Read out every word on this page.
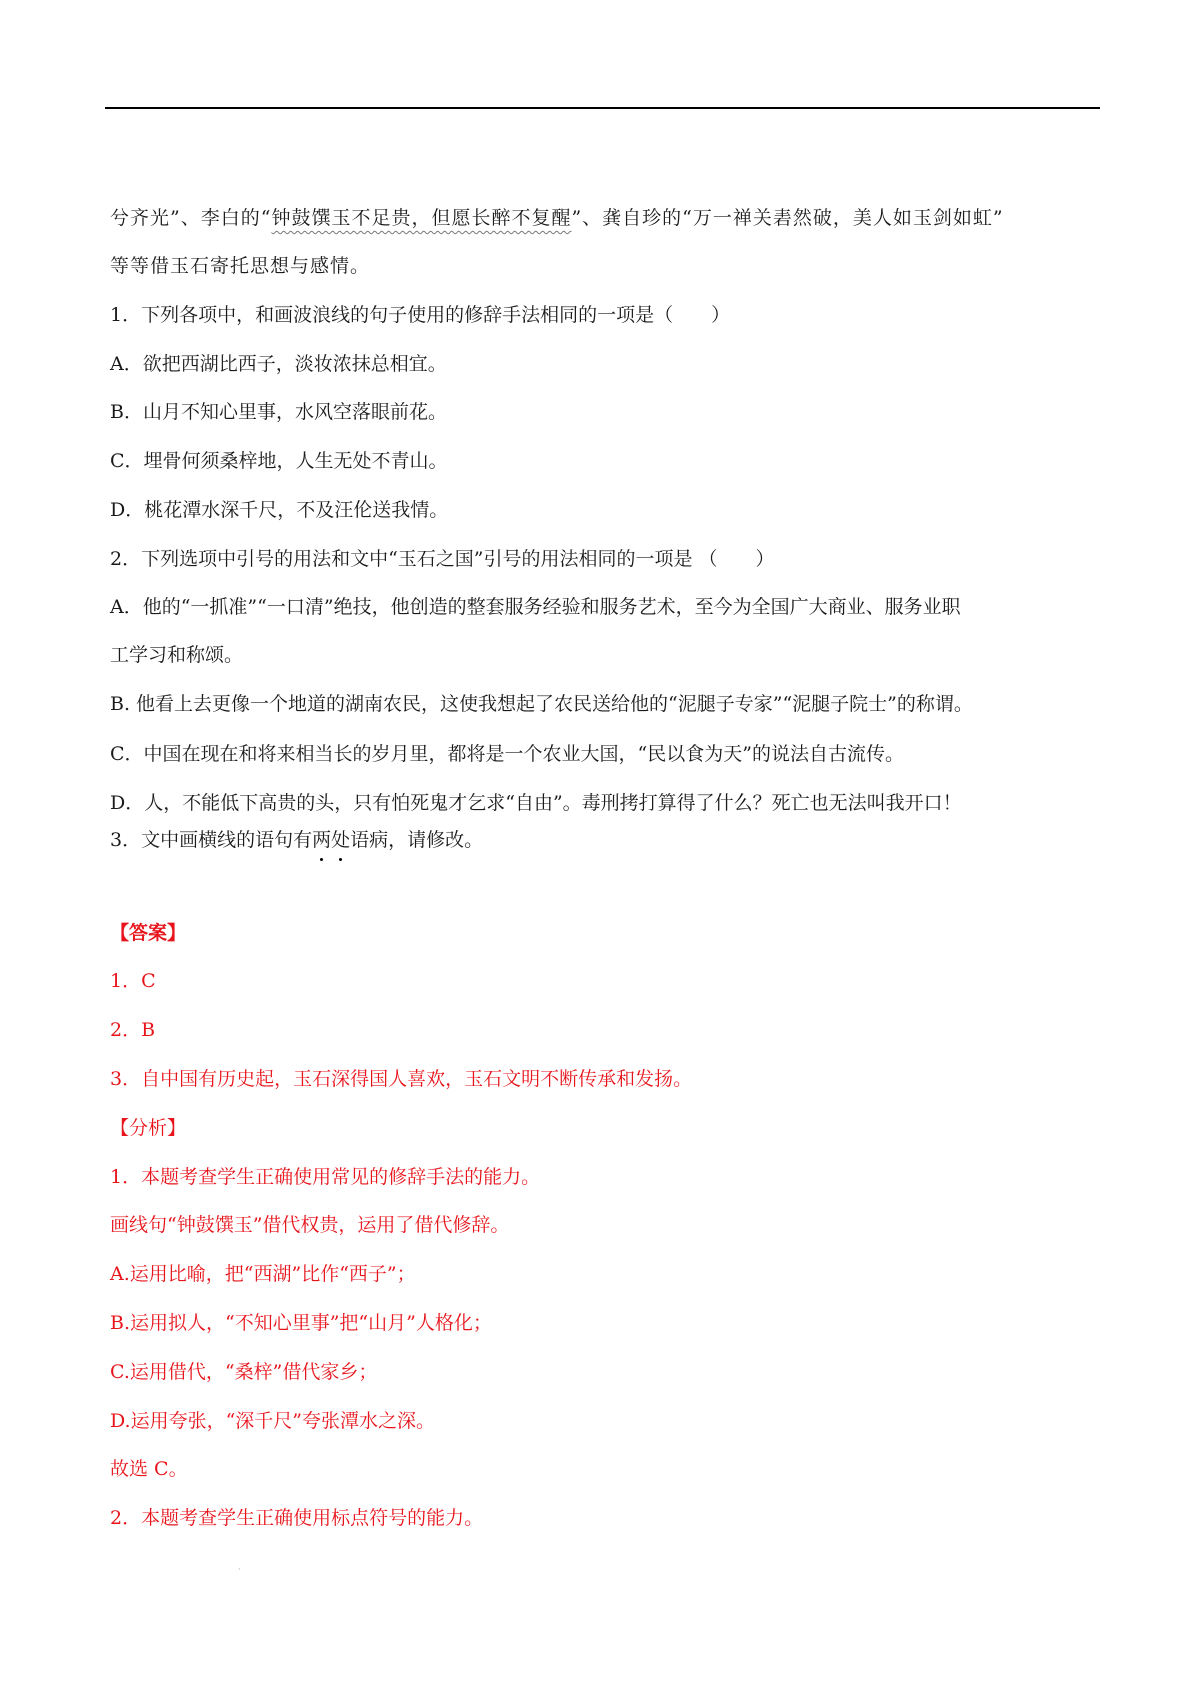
兮齐光”、李白的“钟鼓馔玉不足贵，但愿长醉不复醒”、龚自珍的“万一禅关砉然破，美人如玉剑如虹”
等等借玉石寄托思想与感情。
1．下列各项中，和画波浪线的句子使用的修辞手法相同的一项是（　　）
A．欲把西湖比西子，淡妆浓抹总相宜。
B．山月不知心里事，水风空落眼前花。
C．埋骨何须桑梓地，人生无处不青山。
D．桃花潭水深千尺，不及汪伦送我情。
2．下列选项中引号的用法和文中“玉石之国”引号的用法相同的一项是 （　　）
A．他的“一抓准”“一口清”绝技，他创造的整套服务经验和服务艺术，至今为全国广大商业、服务业职
工学习和称颂。
B. 他看上去更像一个地道的湖南农民，这使我想起了农民送给他的“泥腿子专家”“泥腿子院士”的称谓。
C．中国在现在和将来相当长的岁月里，都将是一个农业大国，“民以食为天”的说法自古流传。
D．人，不能低下高贵的头，只有怕死鬼才乞求“自由”。毒刑拷打算得了什么？死亡也无法叫我开口！
3．文中画横线的语句有两处语病，请修改。
【答案】
1．C
2．B
3．自中国有历史起，玉石深得国人喜欢，玉石文明不断传承和发扬。
【分析】
1．本题考查学生正确使用常见的修辞手法的能力。
画线句“钟鼓馔玉”借代权贵，运用了借代修辞。
A.运用比喻，把“西湖”比作“西子”；
B.运用拟人，“不知心里事”把“山月”人格化；
C.运用借代，“桑梓”借代家乡；
D.运用夸张，“深千尺”夸张潭水之深。
故选 C。
2．本题考查学生正确使用标点符号的能力。
·
